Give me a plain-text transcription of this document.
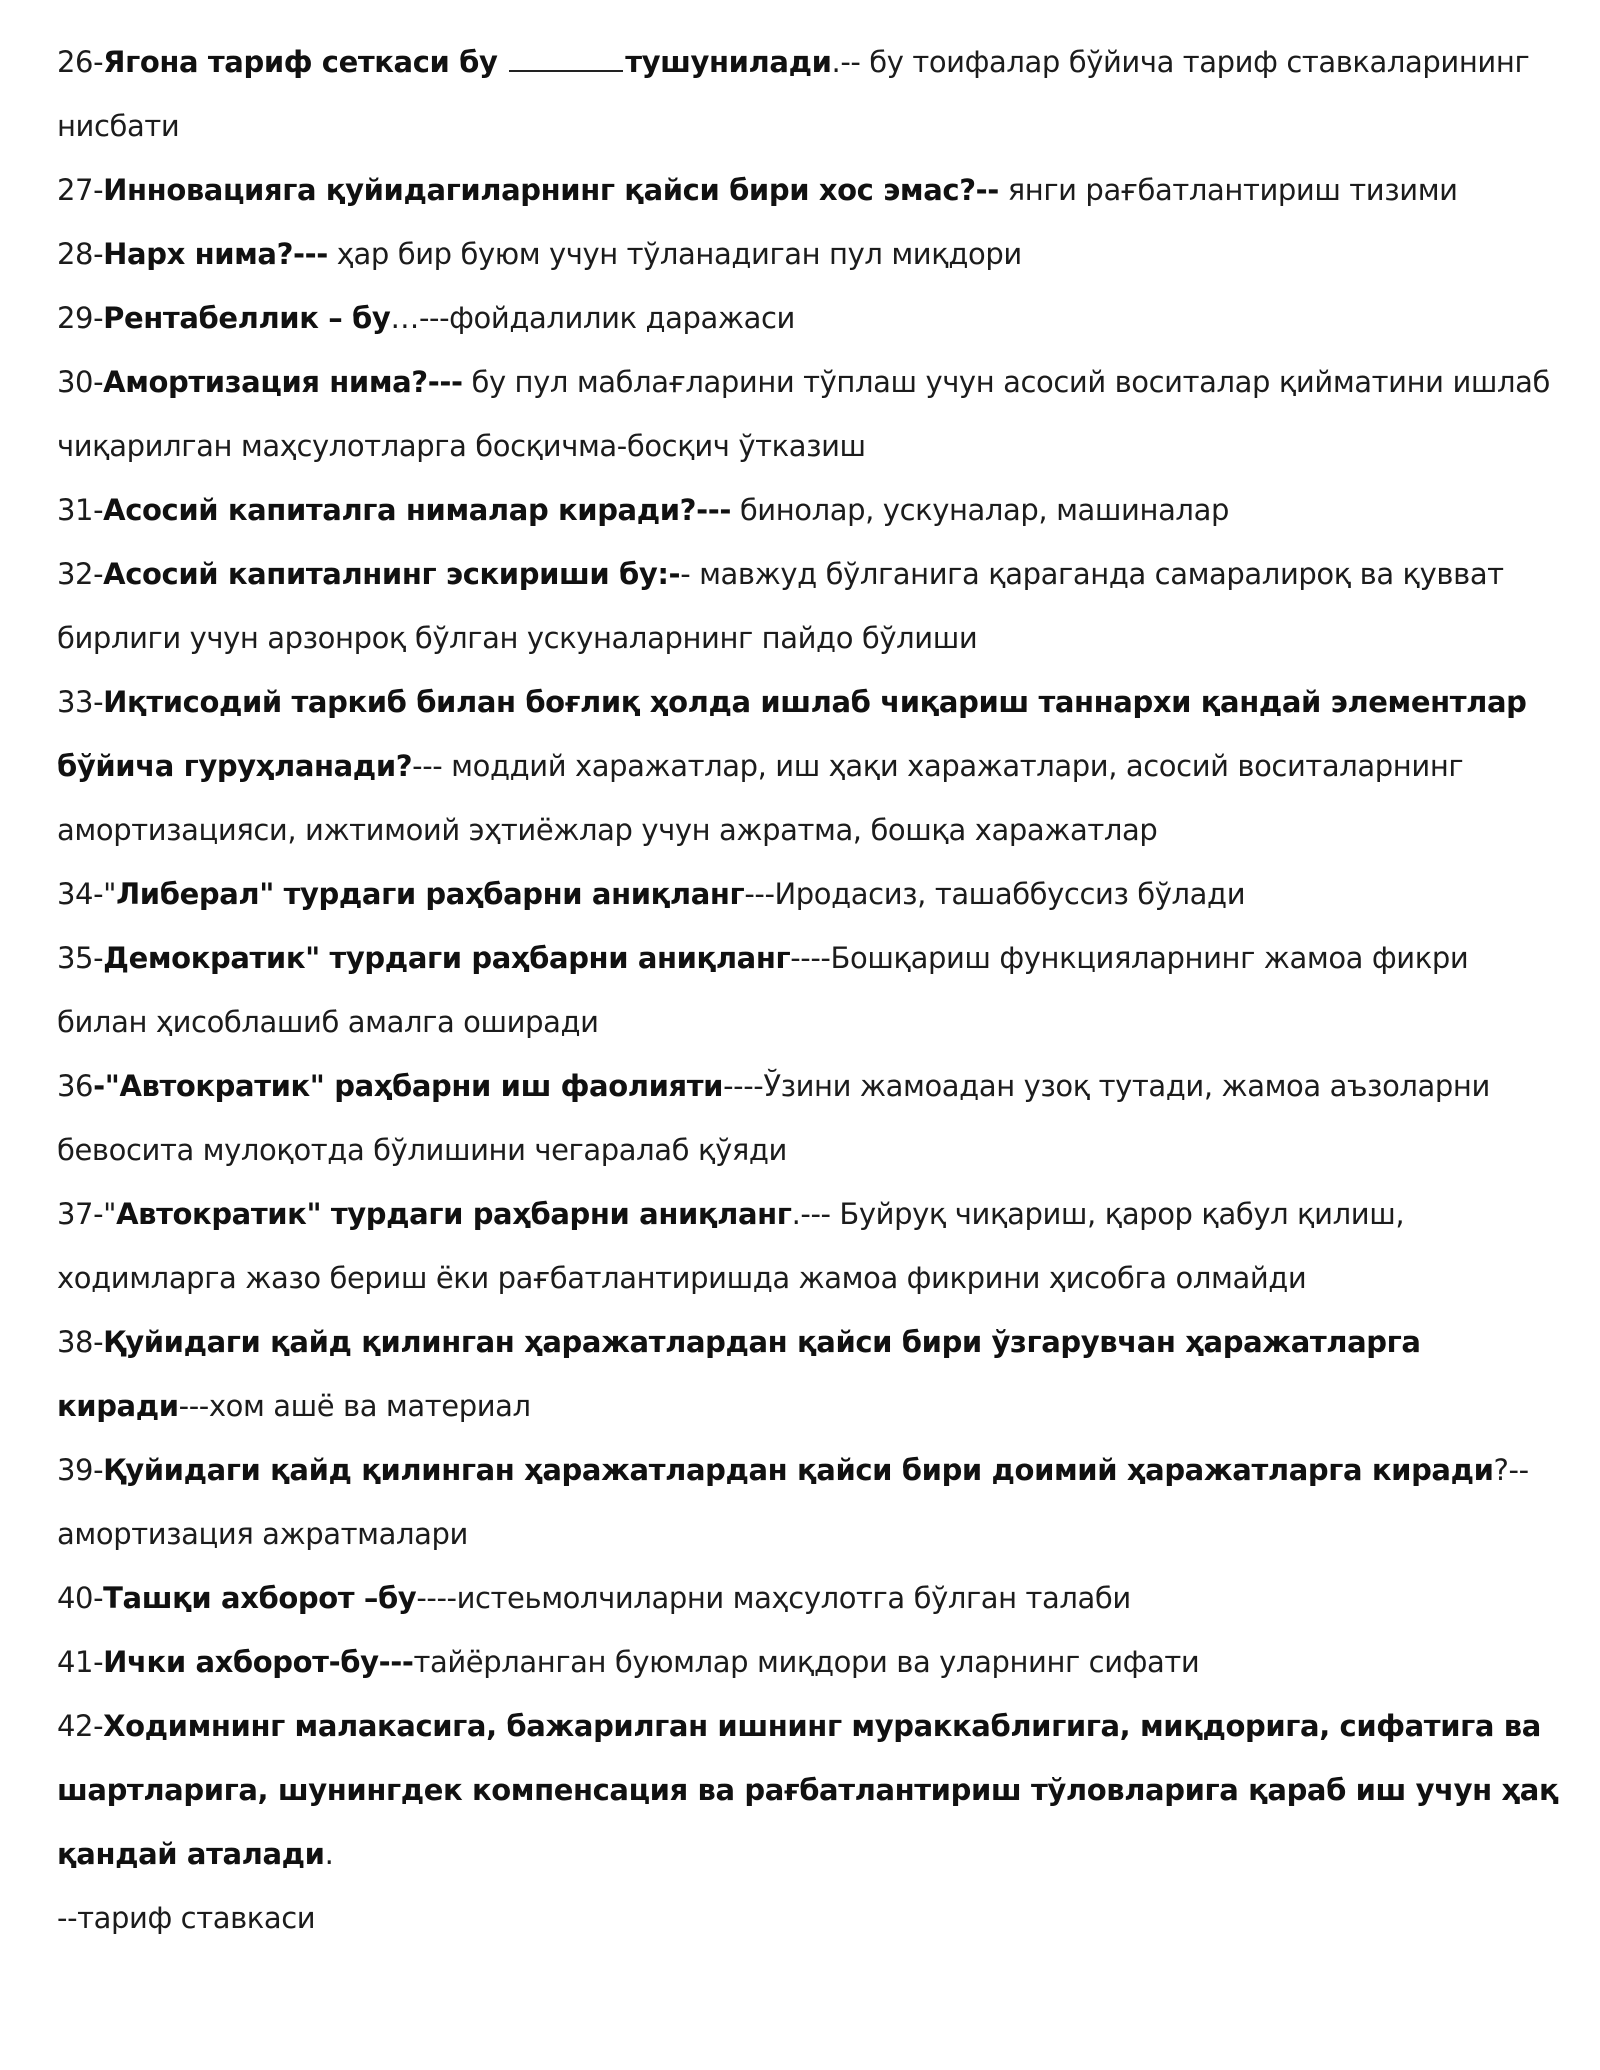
26-Ягона тариф сеткаси бу	тушунилади.-- бу тоифалар бўйича тариф ставкаларининг нисбати
27-Инновацияга қуйидагиларнинг қайси бири хос эмас?-- янги рағбатлантириш тизими
28-Нарх нима?--- ҳар бир буюм учун тўланадиган пул миқдори
29-Рентабеллик – бу…---фойдалилик даражаси
30-Амортизация нима?--- бу пул маблағларини тўплаш учун асосий воситалар қийматини ишлаб чиқарилган маҳсулотларга босқичма-босқич ўтказиш
31-Асосий капиталга нималар киради?--- бинолар, ускуналар, машиналар
32-Асосий капиталнинг эскириши бу:-- мавжуд бўлганига қараганда самаралироқ ва қувват бирлиги учун арзонроқ бўлган ускуналарнинг пайдо бўлиши
33-Иқтисодий таркиб билан боғлиқ ҳолда ишлаб чиқариш таннархи қандай элементлар бўйича гуруҳланади?--- моддий харажатлар, иш ҳақи харажатлари, асосий воситаларнинг амортизацияси, ижтимоий эҳтиёжлар учун ажратма, бошқа харажатлар
34-"Либерал" турдаги раҳбарни аниқланг---Иродасиз, ташаббуссиз бўлади
35-Демократик" турдаги раҳбарни аниқланг----Бошқариш функцияларнинг жамоа фикри билан ҳисоблашиб амалга оширади
36-"Автократик" раҳбарни иш фаолияти----Ўзини жамоадан узоқ тутади, жамоа аъзоларни бевосита мулоқотда бўлишини чегаралаб қўяди
37-"Автократик" турдаги раҳбарни аниқланг.--- Буйруқ чиқариш, қарор қабул қилиш, ходимларга жазо бериш ёки рағбатлантиришда жамоа фикрини ҳисобга олмайди
38-Қуйидаги қайд қилинган ҳаражатлардан қайси бири ўзгарувчан ҳаражатларга киради---хом ашё ва материал
39-Қуйидаги қайд қилинган ҳаражатлардан қайси бири доимий ҳаражатларга киради?--амортизация ажратмалари
40-Ташқи ахборот –бу----истеьмолчиларни маҳсулотга бўлган талаби
41-Ички ахборот-бу---тайёрланган буюмлар миқдори ва уларнинг сифати
42-Ходимнинг малакасига, бажарилган ишнинг мураккаблигига, миқдорига, сифатига ва шартларига, шунингдек компенсация ва рағбатлантириш тўловларига қараб иш учун ҳақ қандай аталади.
--тариф ставкаси
